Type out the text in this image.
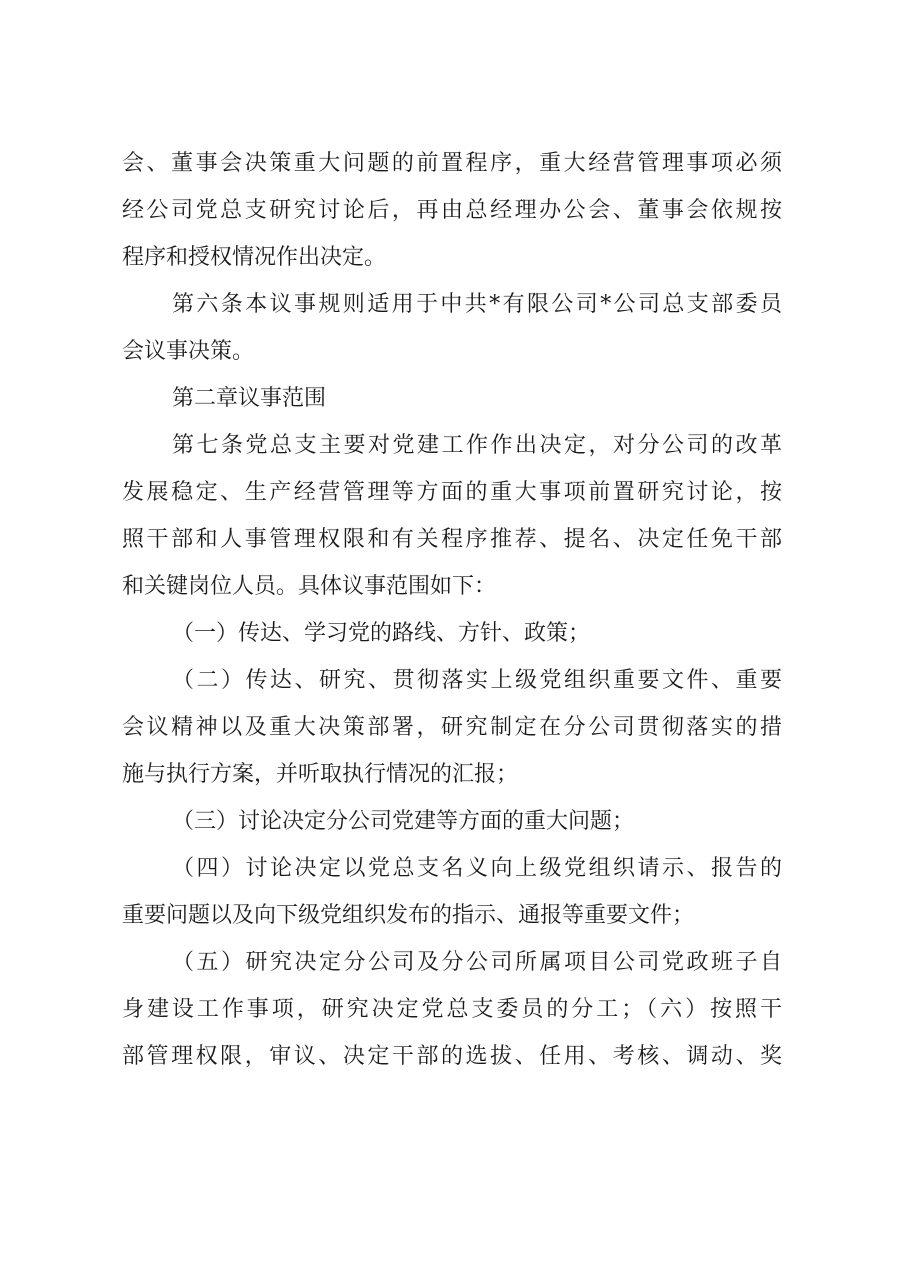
会、董事会决策重大问题的前置程序，重大经营管理事项必须
经公司党总支研究讨论后，再由总经理办公会、董事会依规按
程序和授权情况作出决定。
第六条本议事规则适用于中共*有限公司*公司总支部委员
会议事决策。
第二章议事范围
第七条党总支主要对党建工作作出决定，对分公司的改革
发展稳定、生产经营管理等方面的重大事项前置研究讨论，按
照干部和人事管理权限和有关程序推荐、提名、决定任免干部
和关键岗位人员。具体议事范围如下：
（一）传达、学习党的路线、方针、政策；
（二）传达、研究、贯彻落实上级党组织重要文件、重要
会议精神以及重大决策部署，研究制定在分公司贯彻落实的措
施与执行方案，并听取执行情况的汇报；
（三）讨论决定分公司党建等方面的重大问题；
（四）讨论决定以党总支名义向上级党组织请示、报告的
重要问题以及向下级党组织发布的指示、通报等重要文件；
（五）研究决定分公司及分公司所属项目公司党政班子自
身建设工作事项，研究决定党总支委员的分工；（六）按照干
部管理权限，审议、决定干部的选拔、任用、考核、调动、奖
